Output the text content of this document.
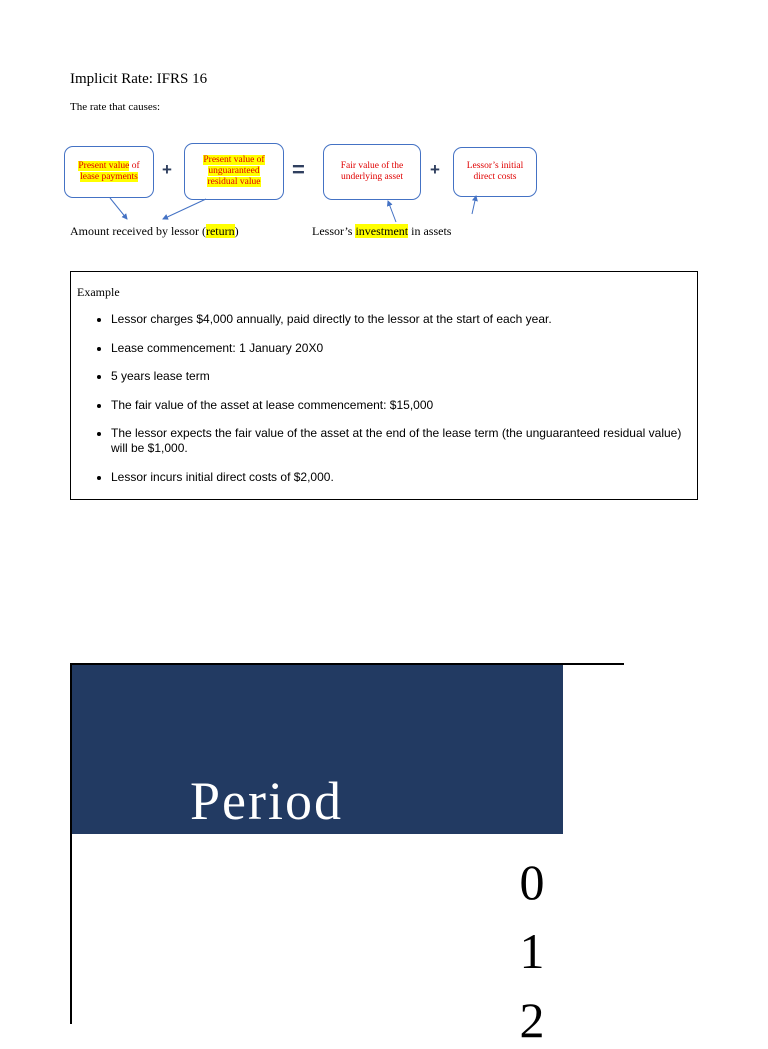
Implicit Rate: IFRS 16
The rate that causes:
Present value of
lease payments +	Present value of
unguaranteed
residual value =	Fair value of the
underlying asset +	Lessor’s initial
direct costs
Amount received by lessor (return)	Lessor’s investment in assets
Example
• Lessor charges $4,000 annually, paid directly to the lessor at the start of each year.
• Lease commencement: 1 January 20X0
• 5 years lease term
• The fair value of the asset at lease commencement: $15,000
• The lessor expects the fair value of the asset at the end of the lease term (the unguaranteed residual value) will be $1,000.
• Lessor incurs initial direct costs of $2,000.
Period
0
1
2
